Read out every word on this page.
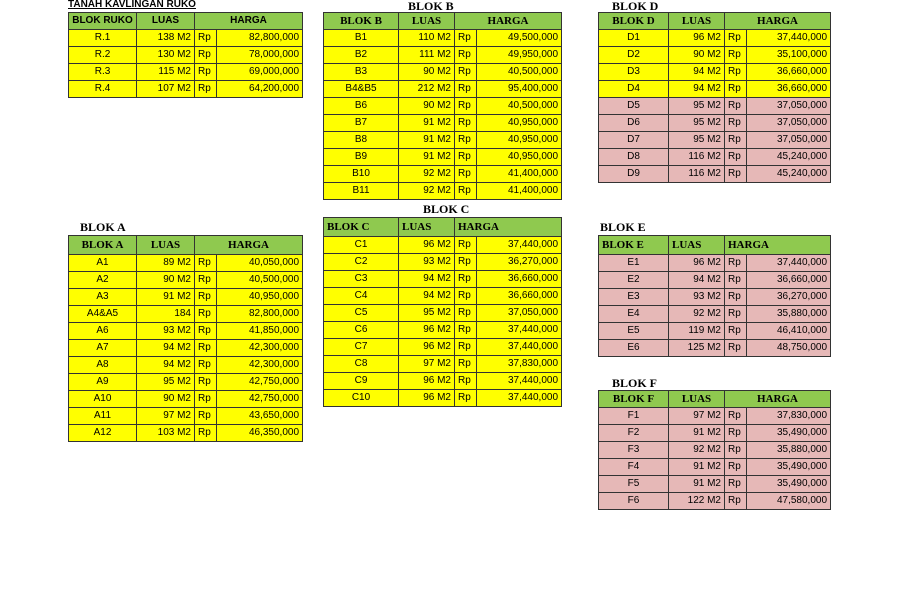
TANAH KAVLINGAN RUKO	BLOK B	BLOK D
BLOK A
BLOK C
BLOK E
BLOK F
BLOK RUKO	LUAS	HARGA	
R.1	138 M2	Rp	82,800,000
R.2	130 M2	Rp	78,000,000
R.3	115 M2	Rp	69,000,000
R.4	107 M2	Rp	64,200,000
BLOK B	LUAS	HARGA	
B1	110 M2	Rp	49,500,000
B2	111 M2	Rp	49,950,000
B3	90 M2	Rp	40,500,000
B4&B5	212 M2	Rp	95,400,000
B6	90 M2	Rp	40,500,000
B7	91 M2	Rp	40,950,000
B8	91 M2	Rp	40,950,000
B9	91 M2	Rp	40,950,000
B10	92 M2	Rp	41,400,000
B11	92 M2	Rp	41,400,000
BLOK D	LUAS	HARGA	
D1	96 M2	Rp	37,440,000
D2	90 M2	Rp	35,100,000
D3	94 M2	Rp	36,660,000
D4	94 M2	Rp	36,660,000
D5	95 M2	Rp	37,050,000
D6	95 M2	Rp	37,050,000
D7	95 M2	Rp	37,050,000
D8	116 M2	Rp	45,240,000
D9	116 M2	Rp	45,240,000
BLOK A	LUAS	HARGA	
A1	89 M2	Rp	40,050,000
A2	90 M2	Rp	40,500,000
A3	91 M2	Rp	40,950,000
A4&A5	184	Rp	82,800,000
A6	93 M2	Rp	41,850,000
A7	94 M2	Rp	42,300,000
A8	94 M2	Rp	42,300,000
A9	95 M2	Rp	42,750,000
A10	90 M2	Rp	42,750,000
A11	97 M2	Rp	43,650,000
A12	103 M2	Rp	46,350,000
BLOK C	LUAS	HARGA	
C1	96 M2	Rp	37,440,000
C2	93 M2	Rp	36,270,000
C3	94 M2	Rp	36,660,000
C4	94 M2	Rp	36,660,000
C5	95 M2	Rp	37,050,000
C6	96 M2	Rp	37,440,000
C7	96 M2	Rp	37,440,000
C8	97 M2	Rp	37,830,000
C9	96 M2	Rp	37,440,000
C10	96 M2	Rp	37,440,000
BLOK E	LUAS	HARGA	
E1	96 M2	Rp	37,440,000
E2	94 M2	Rp	36,660,000
E3	93 M2	Rp	36,270,000
E4	92 M2	Rp	35,880,000
E5	119 M2	Rp	46,410,000
E6	125 M2	Rp	48,750,000
BLOK F	LUAS	HARGA	
F1	97 M2	Rp	37,830,000
F2	91 M2	Rp	35,490,000
F3	92 M2	Rp	35,880,000
F4	91 M2	Rp	35,490,000
F5	91 M2	Rp	35,490,000
F6	122 M2	Rp	47,580,000
